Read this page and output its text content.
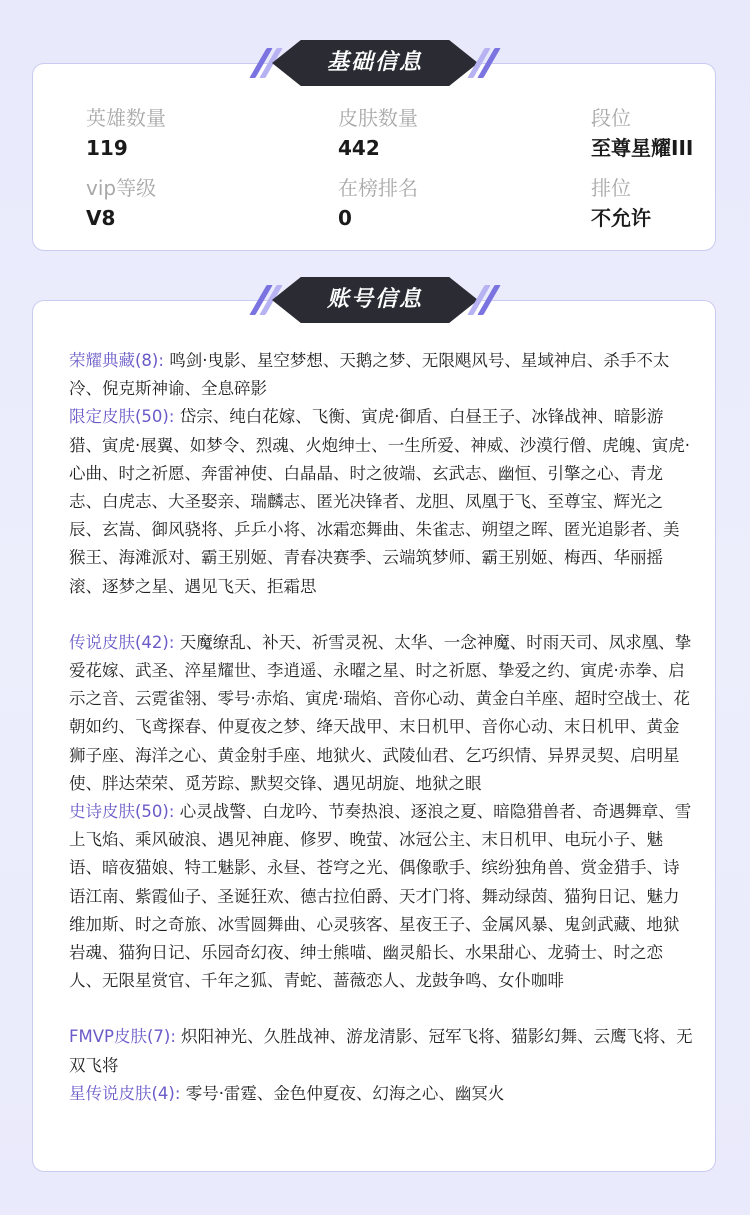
英雄数量
119
皮肤数量
442
段位
至尊星耀III
vip等级
V8
在榜排名
0
排位
不允许
基础信息

荣耀典藏(8): 鸣剑·曳影、星空梦想、天鹅之梦、无限飓风号、星域神启、杀手不太冷、倪克斯神谕、全息碎影

限定皮肤(50): 岱宗、纯白花嫁、飞衡、寅虎·御盾、白昼王子、冰锋战神、暗影游猎、寅虎·展翼、如梦令、烈魂、火炮绅士、一生所爱、神威、沙漠行僧、虎魄、寅虎·心曲、时之祈愿、奔雷神使、白晶晶、时之彼端、玄武志、幽恒、引擎之心、青龙志、白虎志、大圣娶亲、瑞麟志、匿光决锋者、龙胆、凤凰于飞、至尊宝、辉光之辰、玄嵩、御风骁将、乒乒小将、冰霜恋舞曲、朱雀志、朔望之晖、匿光追影者、美猴王、海滩派对、霸王别姬、青春决赛季、云端筑梦师、霸王别姬、梅西、华丽摇滚、逐梦之星、遇见飞天、拒霜思

传说皮肤(42): 天魔缭乱、补天、祈雪灵祝、太华、一念神魔、时雨天司、凤求凰、挚爱花嫁、武圣、淬星耀世、李逍遥、永曜之星、时之祈愿、挚爱之约、寅虎·赤拳、启示之音、云霓雀翎、零号·赤焰、寅虎·瑞焰、音你心动、黄金白羊座、超时空战士、花朝如约、飞鸢探春、仲夏夜之梦、绛天战甲、末日机甲、音你心动、末日机甲、黄金狮子座、海洋之心、黄金射手座、地狱火、武陵仙君、乞巧织情、异界灵契、启明星使、胖达荣荣、觅芳踪、默契交锋、遇见胡旋、地狱之眼

史诗皮肤(50): 心灵战警、白龙吟、节奏热浪、逐浪之夏、暗隐猎兽者、奇遇舞章、雪上飞焰、乘风破浪、遇见神鹿、修罗、晚萤、冰冠公主、末日机甲、电玩小子、魅语、暗夜猫娘、特工魅影、永昼、苍穹之光、偶像歌手、缤纷独角兽、赏金猎手、诗语江南、紫霞仙子、圣诞狂欢、德古拉伯爵、天才门将、舞动绿茵、猫狗日记、魅力维加斯、时之奇旅、冰雪圆舞曲、心灵骇客、星夜王子、金属风暴、鬼剑武藏、地狱岩魂、猫狗日记、乐园奇幻夜、绅士熊喵、幽灵船长、水果甜心、龙骑士、时之恋人、无限星赏官、千年之狐、青蛇、蔷薇恋人、龙鼓争鸣、女仆咖啡

FMVP皮肤(7): 炽阳神光、久胜战神、游龙清影、冠军飞将、猫影幻舞、云鹰飞将、无双飞将

星传说皮肤(4): 零号·雷霆、金色仲夏夜、幻海之心、幽冥火

账号信息
